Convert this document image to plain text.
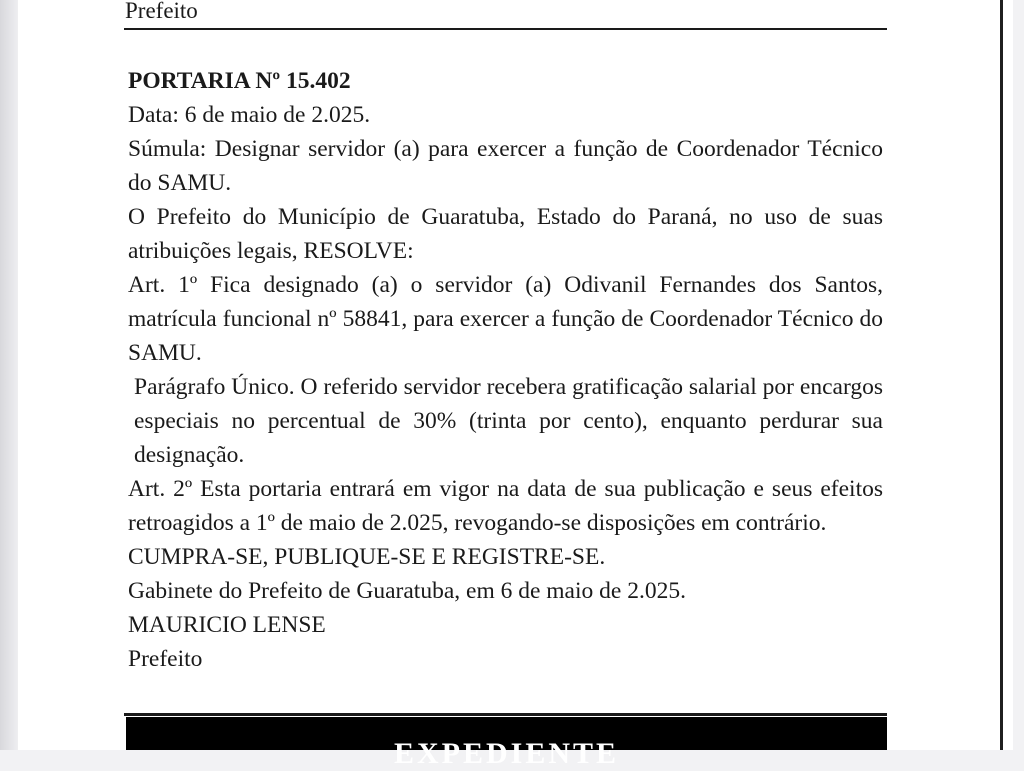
Prefeito

PORTARIA Nº 15.402

Data: 6 de maio de 2.025.

Súmula: Designar servidor (a) para exercer a função de Coordenador Técnico do SAMU.

O Prefeito do Município de Guaratuba, Estado do Paraná, no uso de suas atribuições legais, RESOLVE:

Art. 1º Fica designado (a) o servidor (a) Odivanil Fernandes dos Santos, matrícula funcional nº 58841, para exercer a função de Coordenador Técnico do SAMU.

Parágrafo Único. O referido servidor recebera gratificação salarial por encargos especiais no percentual de 30% (trinta por cento), enquanto perdurar sua designação.

Art. 2º Esta portaria entrará em vigor na data de sua publicação e seus efeitos retroagidos a 1º de maio de 2.025, revogando-se disposições em contrário.

CUMPRA-SE, PUBLIQUE-SE E REGISTRE-SE.

Gabinete do Prefeito de Guaratuba, em 6 de maio de 2.025.

MAURICIO LENSE

Prefeito

EXPEDIENTE
